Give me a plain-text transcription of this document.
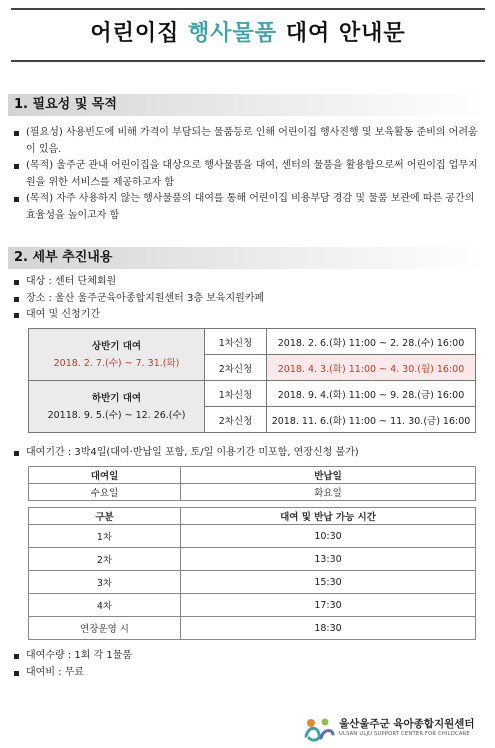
어린이집 행사물품 대여 안내문
1. 필요성 및 목적
(필요성) 사용빈도에 비해 가격이 부담되는 물품등로 인해 어린이집 행사진행 및 보육활동 준비의 어려움이 있음.
(목적) 울주군 관내 어린이집을 대상으로 행사물품을 대여, 센터의 물품을 활용함으로써 어린이집 업무지원을 위한 서비스를 제공하고자 함
(목적) 자주 사용하지 않는 행사물품의 대여를 통해 어린이집 비용부담 경감 및 물품 보관에 따른 공간의 효율성을 높이고자 함
2. 세부 추진내용
대상 : 센터 단체회원
장소 : 울산 울주군육아종합지원센터 3층 보육지원카페
대여 및 신청기간
상반기 대여
2018. 2. 7.(수) ~ 7. 31.(화)	1차신청	2018. 2. 6.(화) 11:00 ~ 2. 28.(수) 16:00
	2차신청	2018. 4. 3.(화) 11:00 ~ 4. 30.(월) 16:00

하반기 대여
20118. 9. 5.(수) ~ 12. 26.(수)	1차신청	2018. 9. 4.(화) 11:00 ~ 9. 28.(금) 16:00
	2차신청	2018. 11. 6.(화) 11:00 ~ 11. 30.(금) 16:00
대여기간 : 3박4일(대여·반납일 포함, 토/일 이용기간 미포함, 연장신청 불가)
대여일	반납일
수요일	화요일

구분	대여 및 반납 가능 시간
1차	10:30
2차	13:30
3차	15:30
4차	17:30
연장운영 시	18:30
대여수량 : 1회 각 1물품
대여비 : 무료
울산울주군 육아종합지원센터
ULSAN ULJU SUPPORT CENTER FOR CHILDCARE
